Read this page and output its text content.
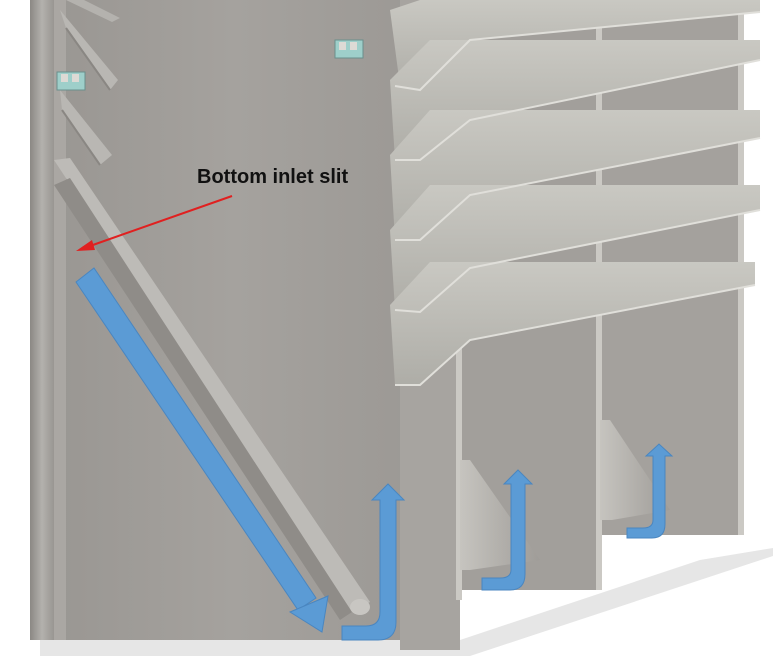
Bottom inlet slit
